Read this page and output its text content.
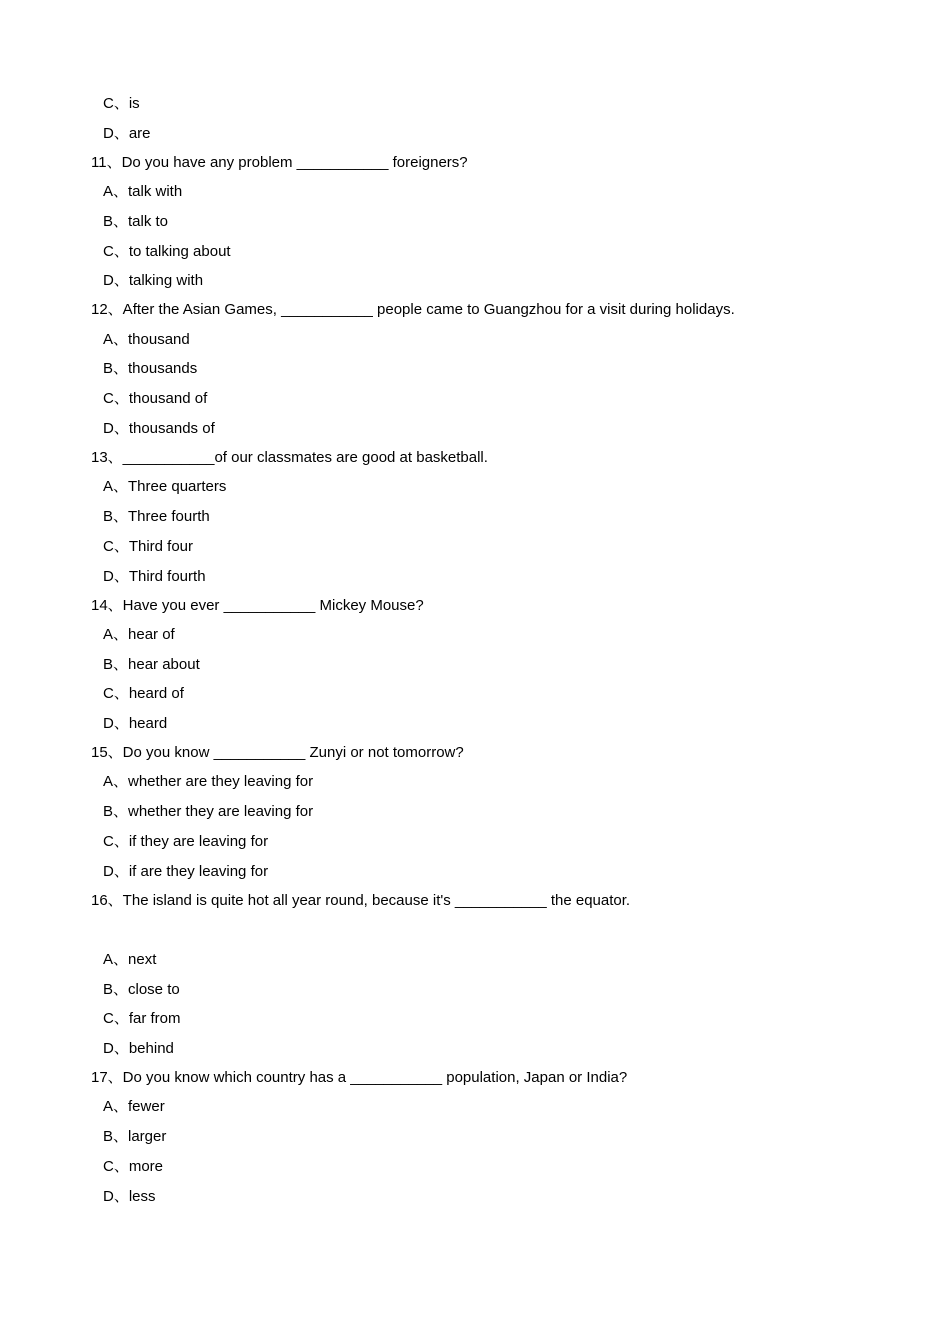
C、is
D、are
11、Do you have any problem ___________ foreigners?
A、talk with
B、talk to
C、to talking about
D、talking with
12、After the Asian Games, ___________ people came to Guangzhou for a visit during holidays.
A、thousand
B、thousands
C、thousand of
D、thousands of
13、___________of our classmates are good at basketball.
A、Three quarters
B、Three fourth
C、Third four
D、Third fourth
14、Have you ever ___________ Mickey Mouse?
A、hear of
B、hear about
C、heard of
D、heard
15、Do you know ___________ Zunyi or not tomorrow?
A、whether are they leaving for
B、whether they are leaving for
C、if they are leaving for
D、if are they leaving for
16、The island is quite hot all year round, because it's ___________ the equator.
A、next
B、close to
C、far from
D、behind
17、Do you know which country has a ___________ population, Japan or India?
A、fewer
B、larger
C、more
D、less
